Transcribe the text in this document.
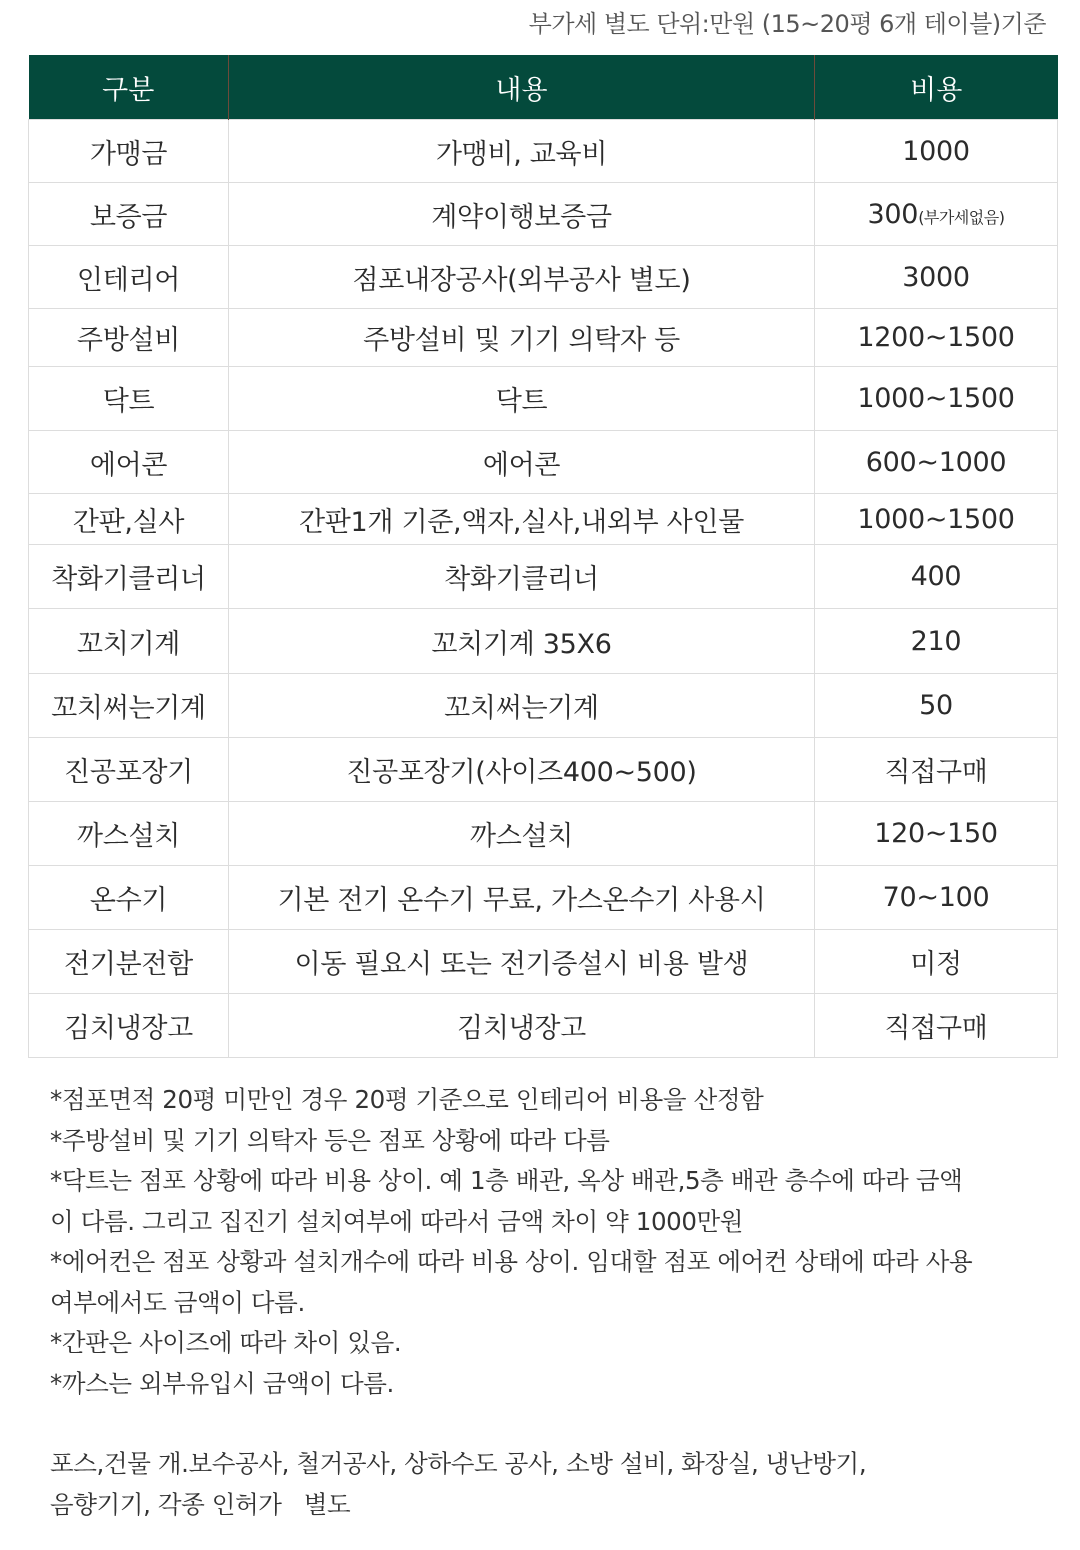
부가세 별도 단위:만원 (15~20평 6개 테이블)기준
구분	내용	비용
가맹금	가맹비, 교육비	1000
보증금	계약이행보증금	300(부가세없음)
인테리어	점포내장공사(외부공사 별도)	3000
주방설비	주방설비 및 기기 의탁자 등	1200~1500
닥트	닥트	1000~1500
에어콘	에어콘	600~1000
간판,실사	간판1개 기준,액자,실사,내외부 사인물	1000~1500
착화기클리너	착화기클리너	400
꼬치기계	꼬치기계 35X6	210
꼬치써는기계	꼬치써는기계	50
진공포장기	진공포장기(사이즈400~500)	직접구매
까스설치	까스설치	120~150
온수기	기본 전기 온수기 무료, 가스온수기 사용시	70~100
전기분전함	이동 필요시 또는 전기증설시 비용 발생	미정
김치냉장고	김치냉장고	직접구매

*점포면적 20평 미만인 경우 20평 기준으로 인테리어 비용을 산정함

*주방설비 및 기기 의탁자 등은 점포 상황에 따라 다름

*닥트는 점포 상황에 따라 비용 상이. 예 1층 배관, 옥상 배관,5층 배관 층수에 따라 금액

이 다름. 그리고 집진기 설치여부에 따라서 금액 차이 약 1000만원

*에어컨은 점포 상황과 설치개수에 따라 비용 상이. 임대할 점포 에어컨 상태에 따라 사용

여부에서도 금액이 다름.

*간판은 사이즈에 따라 차이 있음.

*까스는 외부유입시 금액이 다름.

포스,건물 개.보수공사, 철거공사, 상하수도 공사, 소방 설비, 화장실, 냉난방기,

음향기기, 각종 인허가   별도
